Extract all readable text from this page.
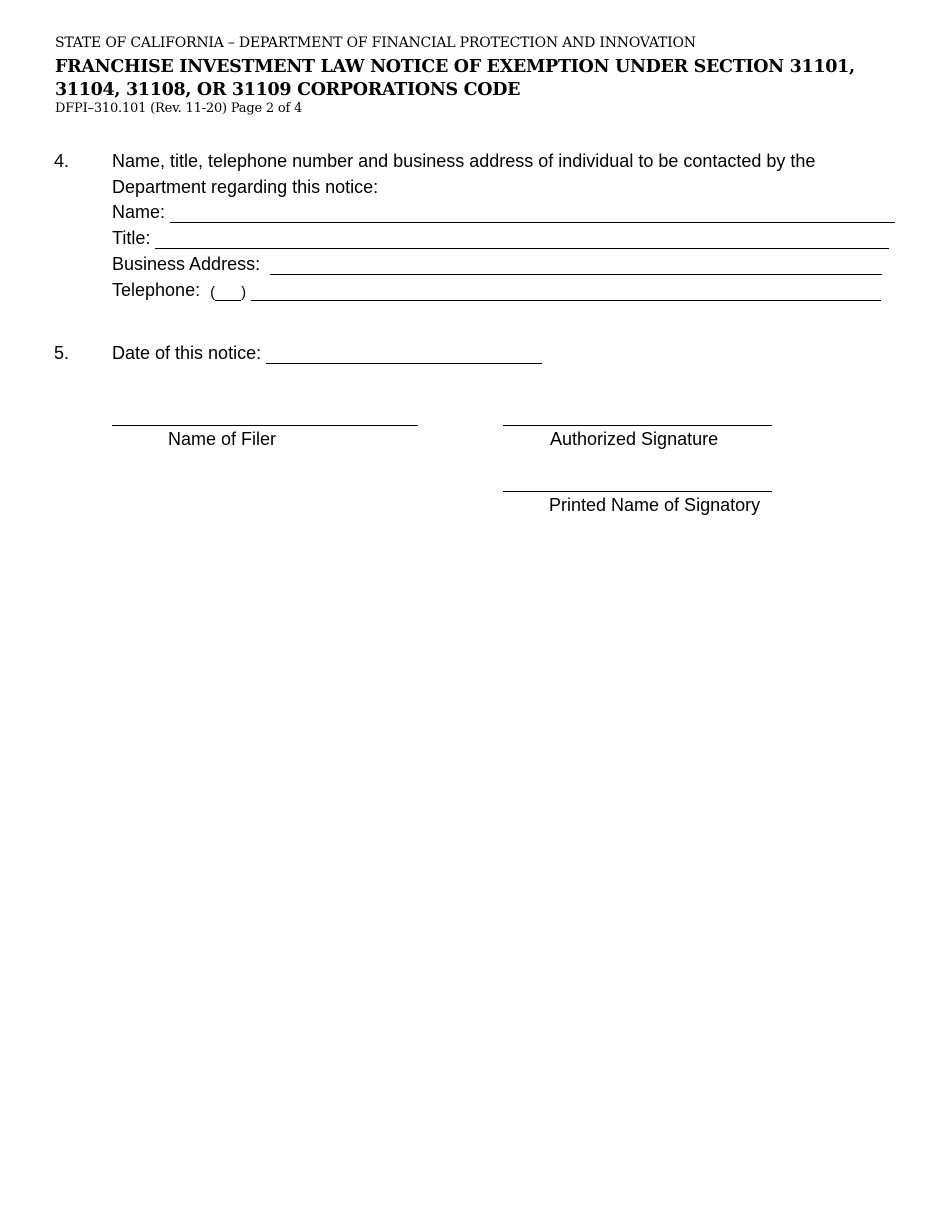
STATE OF CALIFORNIA – DEPARTMENT OF FINANCIAL PROTECTION AND INNOVATION
FRANCHISE INVESTMENT LAW NOTICE OF EXEMPTION UNDER SECTION 31101, 31104, 31108, OR 31109 CORPORATIONS CODE
DFPI–310.101 (Rev. 11-20) Page 2 of 4
4. Name, title, telephone number and business address of individual to be contacted by the
Department regarding this notice:
Name:
Title:
Business Address:
Telephone: ( )
5. Date of this notice:
Name of Filer	Authorized Signature
Printed Name of Signatory
